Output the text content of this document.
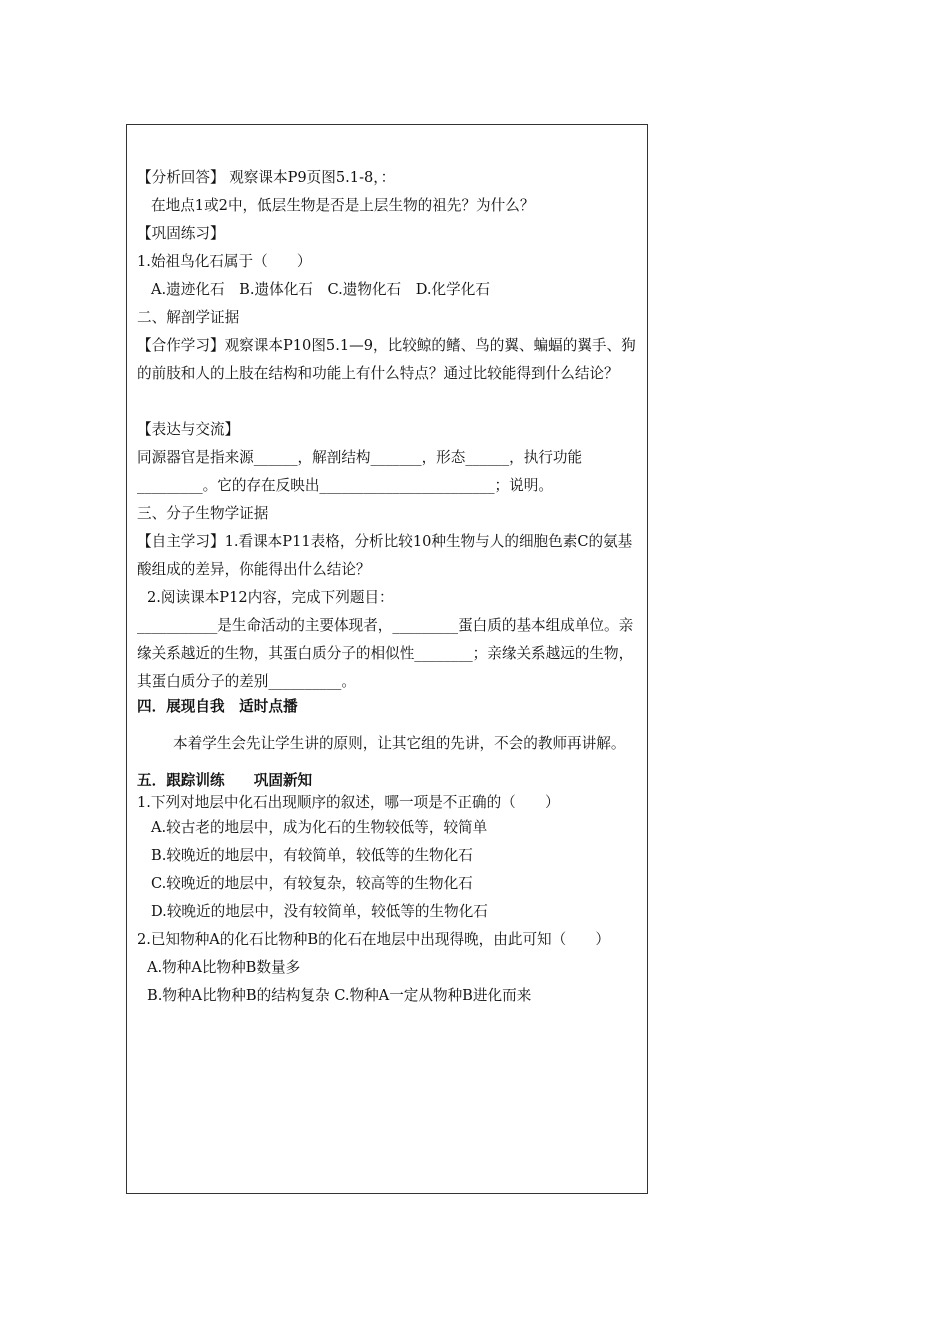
【分析回答】 观察课本P9页图5.1-8，：

在地点1或2中，低层生物是否是上层生物的祖先？为什么？

【巩固练习】

1.始祖鸟化石属于（　　）

A.遗迹化石　B.遗体化石　C.遗物化石　D.化学化石

二、解剖学证据

【合作学习】观察课本P10图5.1—9，比较鲸的鳍、鸟的翼、蝙蝠的翼手、狗的前肢和人的上肢在结构和功能上有什么特点？通过比较能得到什么结论？

【表达与交流】

同源器官是指来源______，解剖结构_______，形态______，执行功能_________。它的存在反映出________________________；说明。

三、分子生物学证据

【自主学习】1.看课本P11表格，分析比较10种生物与人的细胞色素C的氨基酸组成的差异，你能得出什么结论？

2.阅读课本P12内容，完成下列题目：

___________是生命活动的主要体现者，_________蛋白质的基本组成单位。亲缘关系越近的生物，其蛋白质分子的相似性________；亲缘关系越远的生物，其蛋白质分子的差别__________。

四．展现自我　适时点播

本着学生会先让学生讲的原则，让其它组的先讲，不会的教师再讲解。

五．跟踪训练　　巩固新知

1.下列对地层中化石出现顺序的叙述，哪一项是不正确的（　　）

A.较古老的地层中，成为化石的生物较低等，较简单

B.较晚近的地层中，有较简单，较低等的生物化石

C.较晚近的地层中，有较复杂，较高等的生物化石

D.较晚近的地层中，没有较简单，较低等的生物化石

2.已知物种A的化石比物种B的化石在地层中出现得晚，由此可知（　　）

A.物种A比物种B数量多

B.物种A比物种B的结构复杂 C.物种A一定从物种B进化而来
